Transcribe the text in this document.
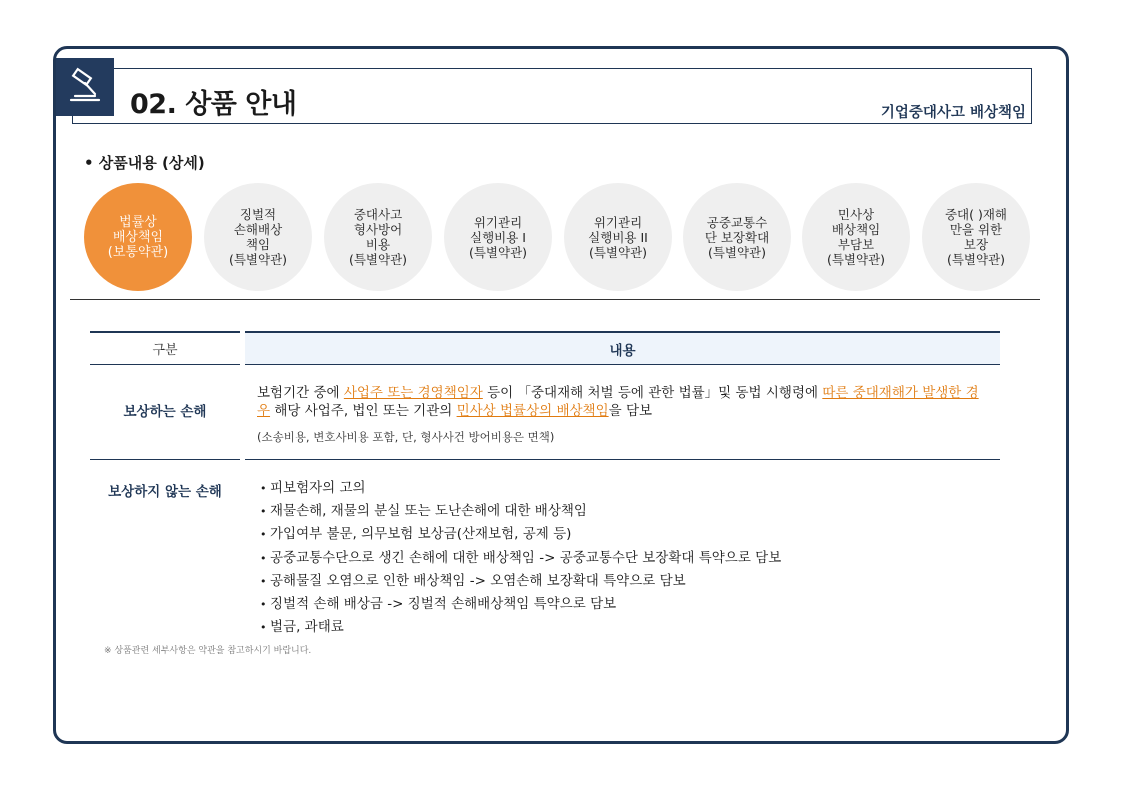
02. 상품 안내	기업중대사고 배상책임
• 상품내용 (상세)
법률상
배상책임
(보통약관)
징벌적
손해배상
책임
(특별약관)
중대사고
형사방어
비용
(특별약관)
위기관리
실행비용 I
(특별약관)
위기관리
실행비용 II
(특별약관)
공중교통수
단 보장확대
(특별약관)
민사상
배상책임
부담보
(특별약관)
중대( )재해
만을 위한
보장
(특별약관)
구분	내용
보상하는 손해
보험기간 중에 사업주 또는 경영책임자 등이 「중대재해 처벌 등에 관한 법률」및 동법 시행령에 따른 중대재해가 발생한 경우 해당 사업주, 법인 또는 기관의 민사상 법률상의 배상책임을 담보
(소송비용, 변호사비용 포함, 단, 형사사건 방어비용은 면책)
보상하지 않는 손해
•	피보험자의 고의
• 재물손해, 재물의 분실 또는 도난손해에 대한 배상책임
• 가입여부 불문, 의무보험 보상금(산재보험, 공제 등)
• 공중교통수단으로 생긴 손해에 대한 배상책임 -> 공중교통수단 보장확대 특약으로 담보
• 공해물질 오염으로 인한 배상책임 -> 오염손해 보장확대 특약으로 담보
• 징벌적 손해 배상금 -> 징벌적 손해배상책임 특약으로 담보
• 벌금, 과태료
※ 상품관련 세부사항은 약관을 참고하시기 바랍니다.
